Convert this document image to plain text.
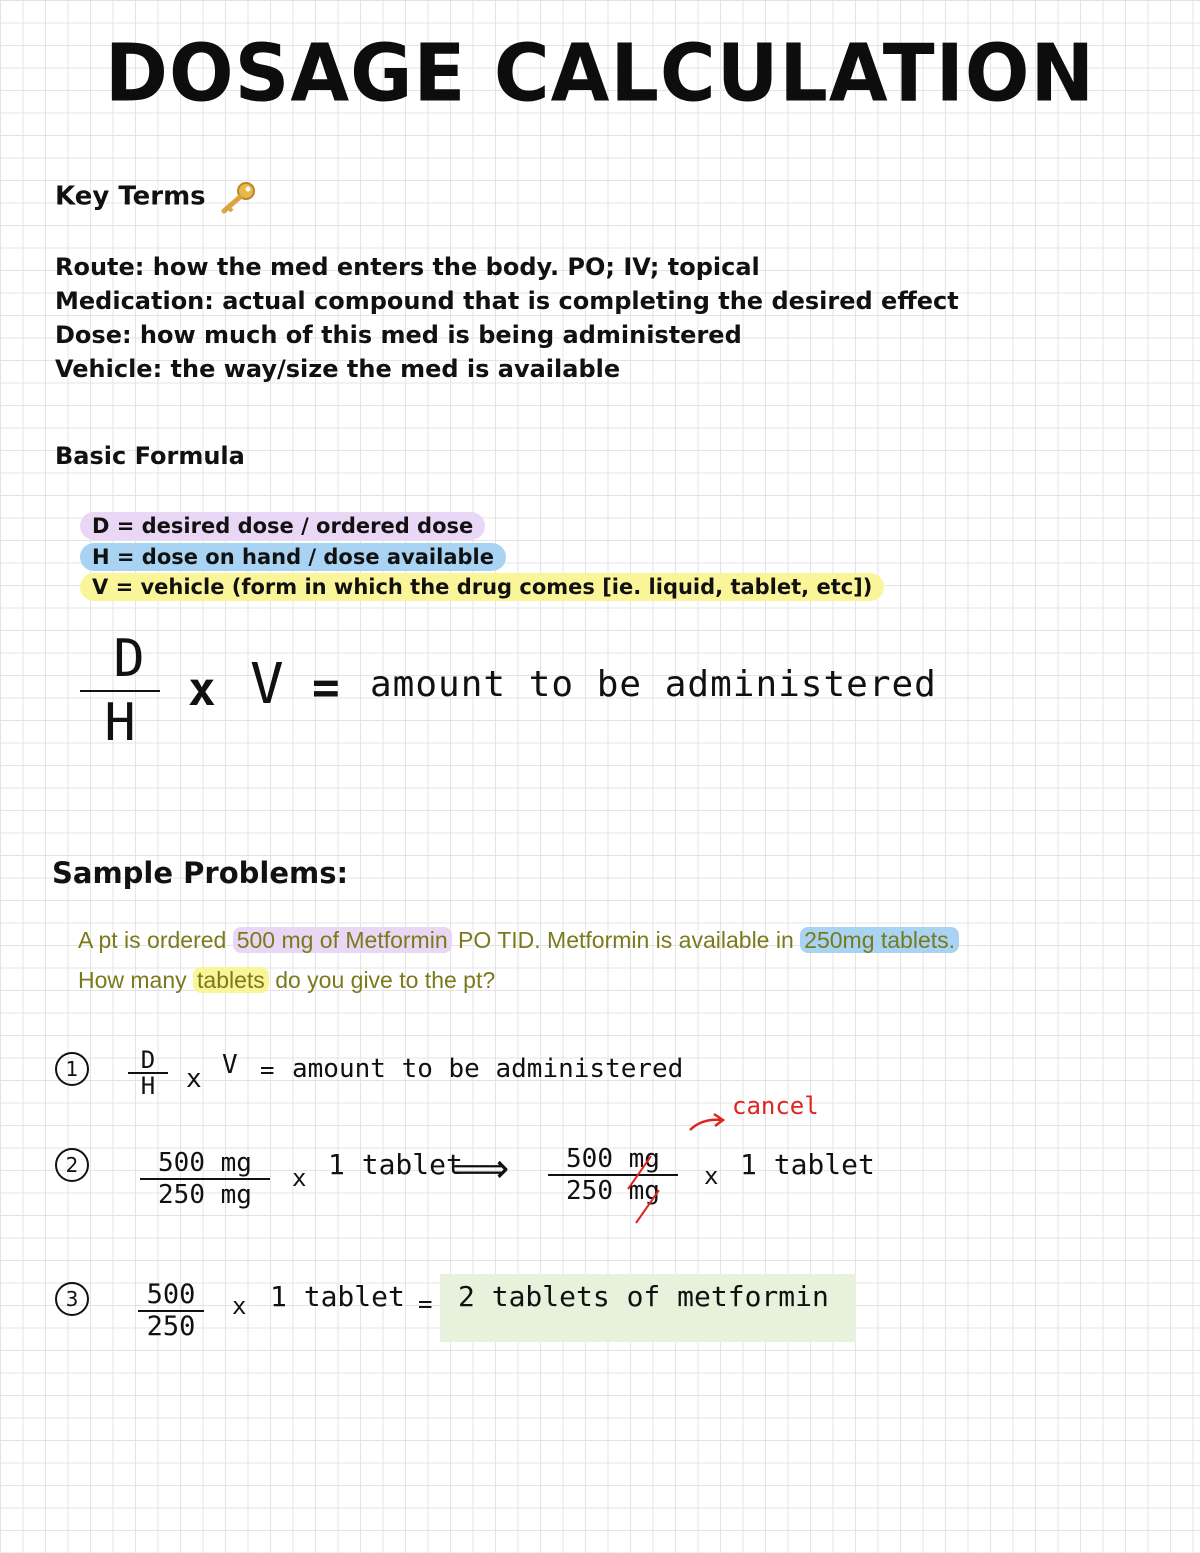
DOSAGE CALCULATION
Key Terms
Route: how the med enters the body. PO; IV; topical
Medication: actual compound that is completing the desired effect
Dose: how much of this med is being administered
Vehicle: the way/size the med is available
Basic Formula
D = desired dose / ordered dose
H = dose on hand / dose available
V = vehicle (form in which the drug comes [ie. liquid, tablet, etc])
D
H
x V = amount to be administered
Sample Problems:
A pt is ordered 500 mg of Metformin PO TID. Metformin is available in 250mg tablets.
How many tablets do you give to the pt?
1	D
H	x V = amount to be administered
2	500 mg
250 mg
x 1 tablet
⟹	500 mg
250 mg	x 1 tablet
cancel
3	500
250
x 1 tablet = 2 tablets of metformin
